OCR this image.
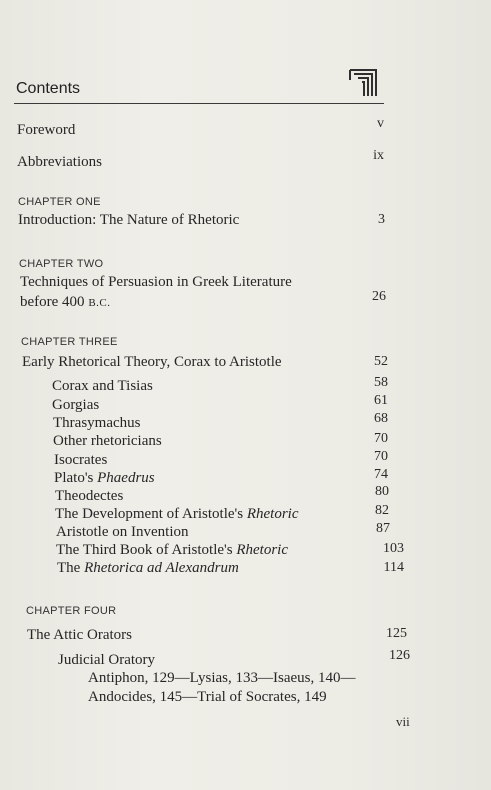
Contents
Foreword	v
Abbreviations	ix
CHAPTER ONE
Introduction: The Nature of Rhetoric	3
CHAPTER TWO
Techniques of Persuasion in Greek Literature
before 400 B.C.	26
CHAPTER THREE
Early Rhetorical Theory, Corax to Aristotle	52
Corax and Tisias	58
Gorgias	61
Thrasymachus	68
Other rhetoricians	70
Isocrates	70
Plato's Phaedrus	74
Theodectes	80
The Development of Aristotle's Rhetoric	82
Aristotle on Invention	87
The Third Book of Aristotle's Rhetoric	103
The Rhetorica ad Alexandrum	114
CHAPTER FOUR
The Attic Orators	125
Judicial Oratory	126
Antiphon, 129—Lysias, 133—Isaeus, 140—
Andocides, 145—Trial of Socrates, 149
vii
